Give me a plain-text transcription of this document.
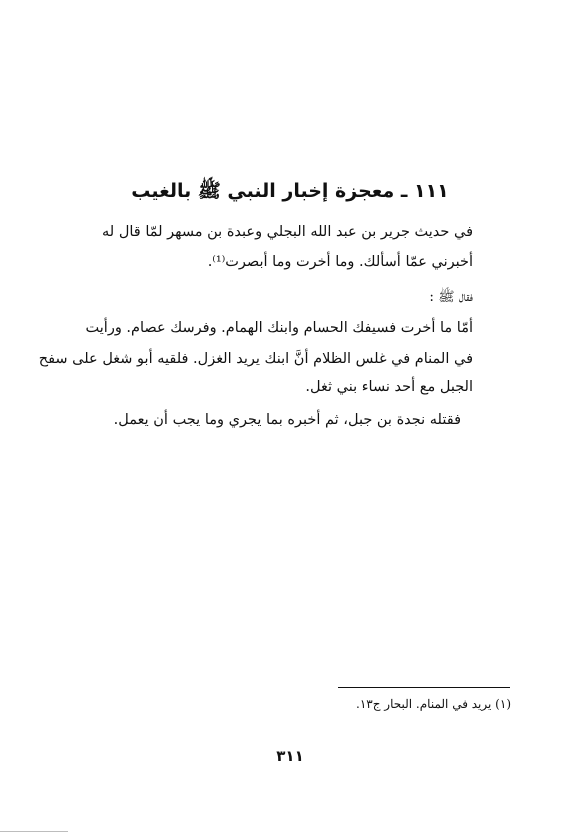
١١١ ـ معجزة إخبار النبي ﷺ بالغيب
في حديث جرير بن عبد الله البجلي وعبدة بن مسهر لمّا قال له
أخبرني عمّا أسألك. وما أخرت وما أبصرت⁽¹⁾.
فقال ﷺ :
أمّا ما أخرت فسيفك الحسام وابنك الهمام. وفرسك عصام. ورأيت
في المنام في غلس الظلام أنَّ ابنك يريد الغزل. فلقيه أبو شغل على سفح
الجبل مع أحد نساء بني ثغل.
فقتله نجدة بن جبل، ثم أخبره بما يجري وما يجب أن يعمل.
(١) يريد في المنام. البحار ج١٣.
٣١١
